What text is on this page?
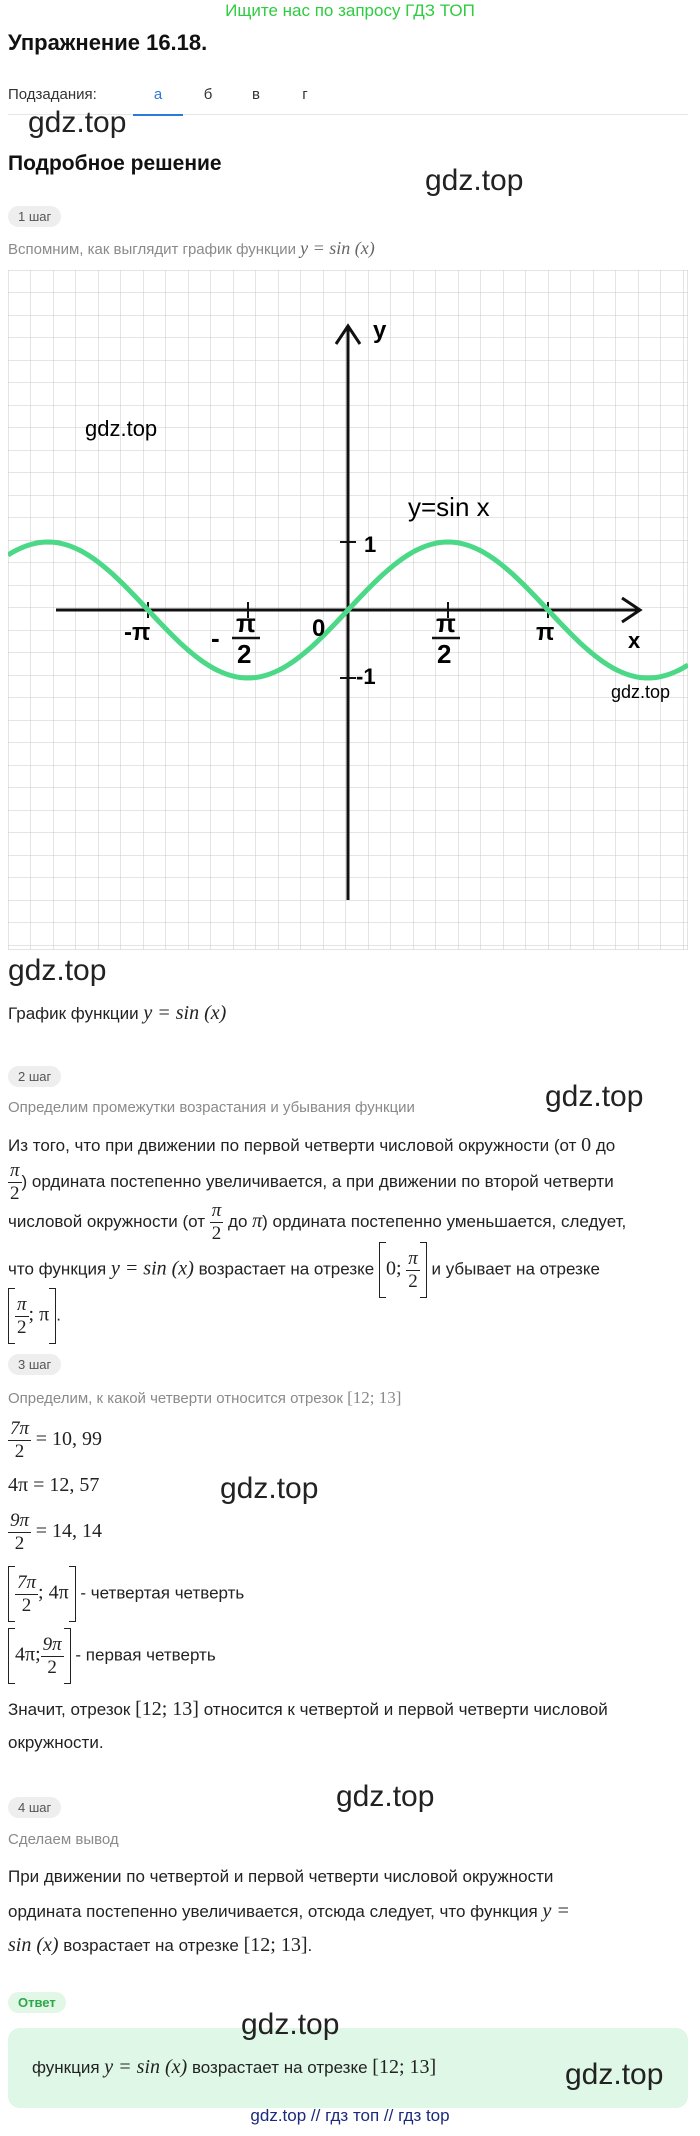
Ищите нас по запросу ГДЗ ТОП
Упражнение 16.18.
Подзадания:	а	б	в	г
gdz.top
gdz.top
Подробное решение
1 шаг
Вспомним, как выглядит график функции y = sin (x)
y
x
y=sin x
1
-1
0
-π - π
2
π
2
π
gdz.top
gdz.top
gdz.top
График функции y = sin (x)
2 шаг
Определим промежутки возрастания и убывания функции	gdz.top
Из того, что при движении по первой четверти числовой окружности (от 0 до
$\frac{\pi}{2}$ ) ордината постепенно увеличивается, а при движении по второй четверти
числовой окружности ($от \frac{\pi}{2}$ до π) ордината постепенно уменьшается, следует,
что функция y = sin (x) возрастает на отрезке 0; $\frac{\pi}{2}$ и убывает на отрезке
$\frac{\pi}{2}$ ; π .
3 шаг
Определим, к какой четверти относится отрезок [12; 13]
$\frac{7\pi}{2} = 10$, 99
4π = 12, 57
$\frac{9\pi}{2} = 14$, 14
gdz.top
$\frac{7\pi}{2}$ ; 4π - четвертая четверть
4π; $\frac{9\pi}{2}$ - первая четверть
Значит, отрезок [12; 13] относится к четвертой и первой четверти числовой
окружности.
4 шаг	gdz.top
Сделаем вывод
При движении по четвертой и первой четверти числовой окружности
ордината постепенно увеличивается, отсюда следует, что функция y =
sin (x) возрастает на отрезке [12; 13].
Ответ
функция y = sin (x) возрастает на отрезке [12; 13]
gdz.top
gdz.top
gdz.top // гдз топ // гдз top
